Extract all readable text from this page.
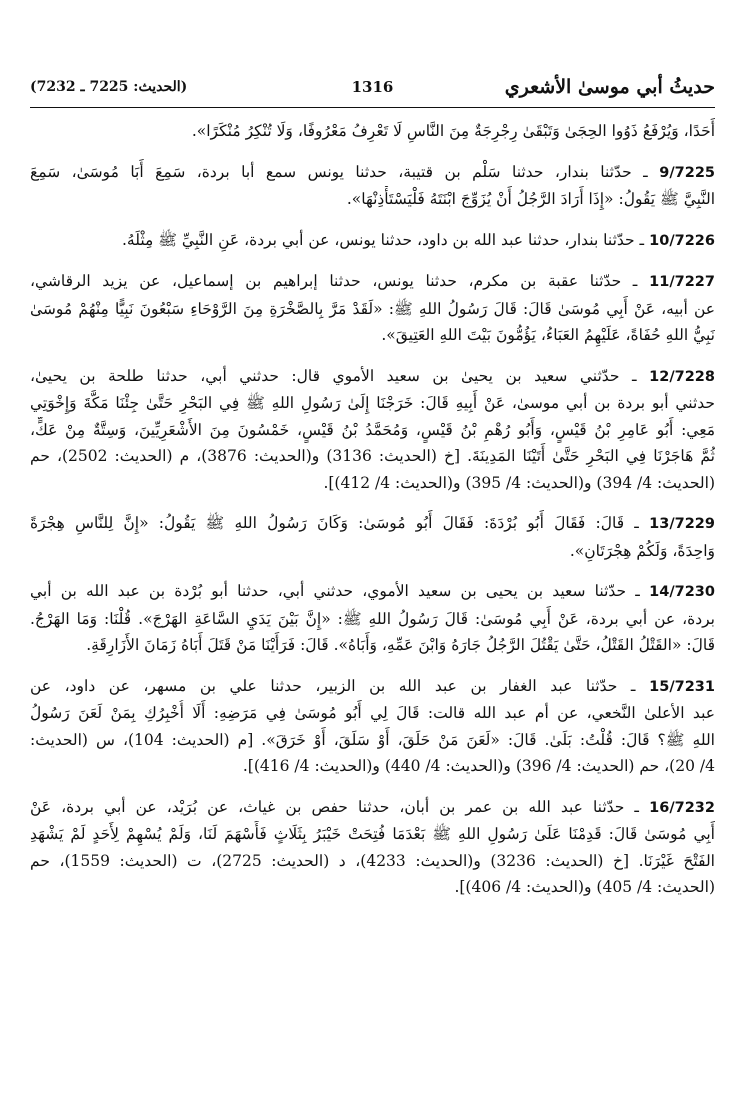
حديثُ أبي موسىٰ الأشعري
1316
(الحديث: 7225 ـ 7232)

أَحَدًا، وَيُرْفَعُ ذَوُوا الحِجَىٰ وَتَبْقَىٰ رِجْرِجَةٌ مِنَ النَّاسِ لَا تَعْرِفُ مَعْرُوفًا، وَلَا تُنْكِرُ مُنْكَرًا».

9/7225 ـ حدّثنا بندار، حدثنا سَلْم بن قتيبة، حدثنا يونس سمع أبا بردة، سَمِعَ أَبَا مُوسَىٰ، سَمِعَ

النَّبِيَّ ﷺ يَقُولُ: «إِذَا أَرَادَ الرَّجُلُ أَنْ يُزَوِّجَ ابْنَتَهُ فَلْيَسْتَأْذِنْهَا».

10/7226 ـ حدّثنا بندار، حدثنا عبد الله بن داود، حدثنا يونس، عن أبي بردة، عَنِ النَّبِيِّ ﷺ مِثْلَهُ.

11/7227 ـ حدّثنا عقبة بن مكرم، حدثنا يونس، حدثنا إبراهيم بن إسماعيل، عن يزيد الرقاشي،

عن أبيه، عَنْ أَبِي مُوسَىٰ قَالَ: قَالَ رَسُولُ اللهِ ﷺ: «لَقَدْ مَرَّ بِالصَّخْرَةِ مِنَ الرَّوْحَاءِ سَبْعُونَ نَبِيًّا مِنْهُمْ مُوسَىٰ

نَبِيُّ اللهِ حُفَاةً، عَلَيْهِمُ العَبَاءُ، يَؤُمُّونَ بَيْتَ اللهِ العَتِيقَ».

12/7228 ـ حدّثني سعيد بن يحيىٰ بن سعيد الأموي قال: حدثني أبي، حدثنا طلحة بن يحيىٰ،

حدثني أبو بردة بن أبي موسىٰ، عَنْ أَبِيهِ قَالَ: خَرَجْنَا إِلَىٰ رَسُولِ اللهِ ﷺ فِي البَحْرِ حَتَّىٰ جِئْنَا مَكَّةَ وَإِخْوَتِي

مَعِي: أَبُو عَامِرِ بْنُ قَيْسٍ، وَأَبُو رُهْمِ بْنُ قَيْسٍ، وَمُحَمَّدُ بْنُ قَيْسٍ، خَمْسُونَ مِنَ الأَشْعَرِيِّينَ، وَسِتَّةٌ مِنْ عَكٍّ،

ثُمَّ هَاجَرْنَا فِي البَحْرِ حَتَّىٰ أَتَيْنَا المَدِينَةَ. [خ (الحديث: 3136) و(الحديث: 3876)، م (الحديث: 2502)، حم

(الحديث: 4/ 394) و(الحديث: 4/ 395) و(الحديث: 4/ 412)].

13/7229 ـ قَالَ: فَقَالَ أَبُو بُرْدَةَ: فَقَالَ أَبُو مُوسَىٰ: وَكَانَ رَسُولُ اللهِ ﷺ يَقُولُ: «إِنَّ لِلنَّاسِ هِجْرَةً

وَاحِدَةً، وَلَكُمْ هِجْرَتَانِ».

14/7230 ـ حدّثنا سعيد بن يحيى بن سعيد الأموي، حدثني أبي، حدثنا أبو بُرْدة بن عبد الله بن أبي

بردة، عن أبي بردة، عَنْ أَبِي مُوسَىٰ: قَالَ رَسُولُ اللهِ ﷺ: «إِنَّ بَيْنَ يَدَيِ السَّاعَةِ الهَرْجَ». قُلْنَا: وَمَا الهَرْجُ.

قَالَ: «القَتْلُ القَتْلُ، حَتَّىٰ يَقْتُلَ الرَّجُلُ جَارَهُ وَابْنَ عَمِّهِ، وَأَبَاهُ». قَالَ: فَرَأَيْنَا مَنْ قَتَلَ أَبَاهُ زَمَانَ الأَزَارِقَةِ.

15/7231 ـ حدّثنا عبد الغفار بن عبد الله بن الزبير، حدثنا علي بن مسهر، عن داود، عن

عبد الأعلىٰ النَّخعي، عن أم عبد الله قالت: قَالَ لِي أَبُو مُوسَىٰ فِي مَرَضِهِ: أَلَا أُخْبِرُكِ بِمَنْ لَعَنَ رَسُولُ

اللهِ ﷺ؟ قَالَ: قُلْتُ: بَلَىٰ. قَالَ: «لَعَنَ مَنْ حَلَقَ، أَوْ سَلَقَ، أَوْ خَرَقَ». [م (الحديث: 104)، س (الحديث:

4/ 20)، حم (الحديث: 4/ 396) و(الحديث: 4/ 440) و(الحديث: 4/ 416)].

16/7232 ـ حدّثنا عبد الله بن عمر بن أبان، حدثنا حفص بن غياث، عن بُرَيْد، عن أبي بردة، عَنْ

أَبِي مُوسَىٰ قَالَ: قَدِمْنَا عَلَىٰ رَسُولِ اللهِ ﷺ بَعْدَمَا فُتِحَتْ خَيْبَرُ بِثَلَاثٍ فَأَسْهَمَ لَنَا، وَلَمْ يُسْهِمْ لِأَحَدٍ لَمْ يَشْهَدِ

الفَتْحَ غَيْرَنَا. [خ (الحديث: 3236) و(الحديث: 4233)، د (الحديث: 2725)، ت (الحديث: 1559)، حم

(الحديث: 4/ 405) و(الحديث: 4/ 406)].
